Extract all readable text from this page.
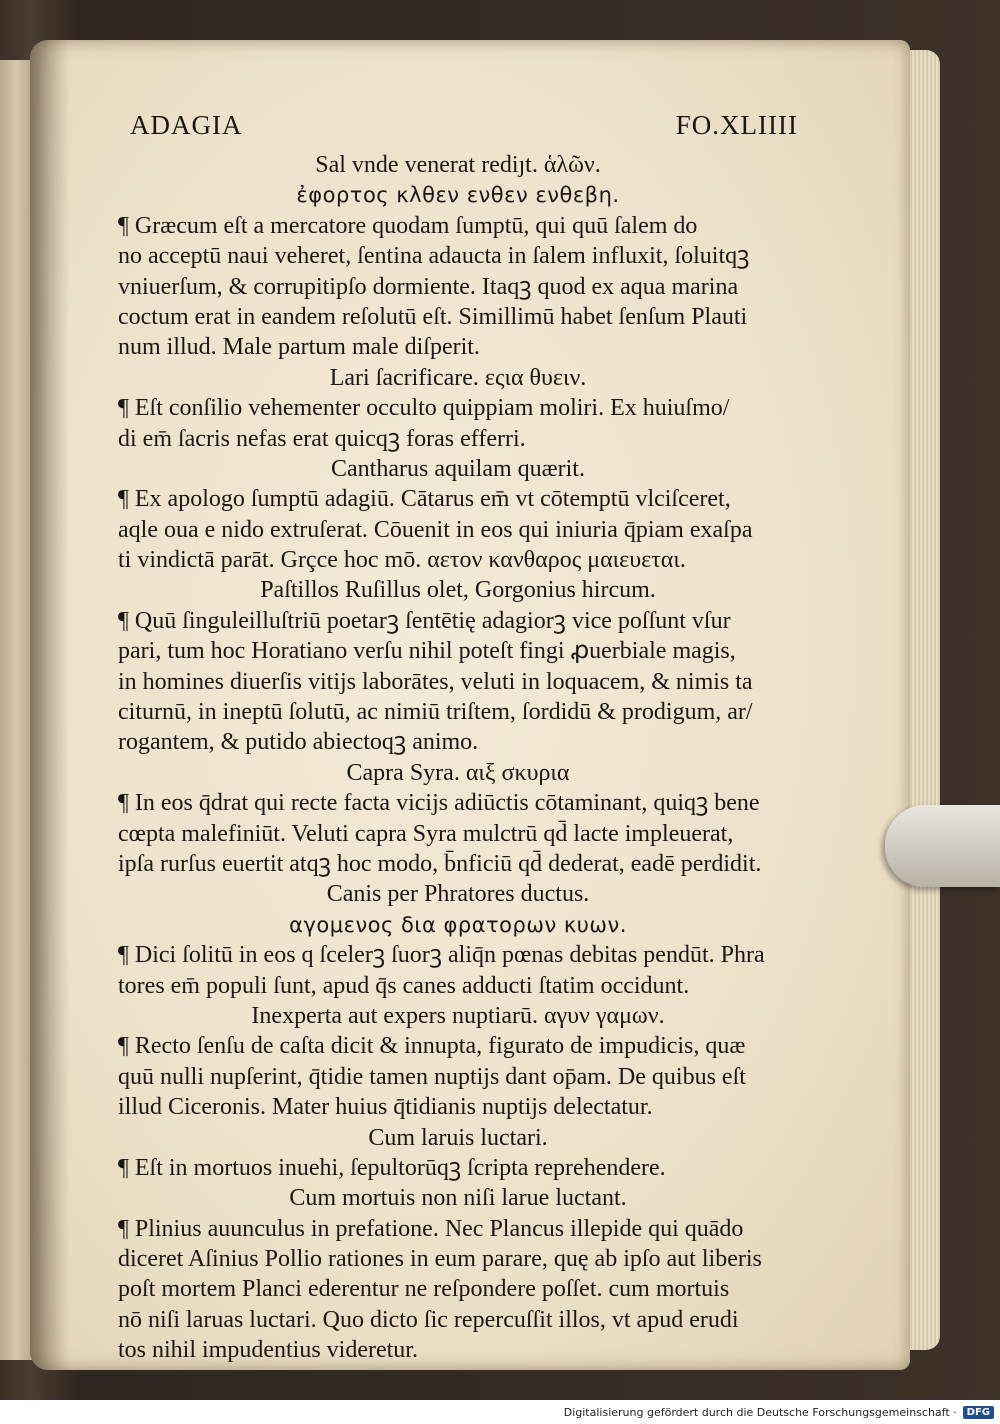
ADAGIA	FO.XLIIII
Sal vnde venerat rediȷt. ἁλῶν.
ἐφορτος κλθεν ενθεν ενθεβη.
¶ Græcum eſt a mercatore quodam ſumptū, qui quū ſalem do
no acceptū naui veheret, ſentina adaucta in ſalem influxit, ſoluitqꝫ
vniuerſum, & corrupitipſo dormiente. Itaqꝫ quod ex aqua marina
coctum erat in eandem reſolutū eſt. Simillimū habet ſenſum Plauti
num illud. Male partum male diſperit.
Lari ſacrificare. εςια θυειν.
¶ Eſt conſilio vehementer occulto quippiam moliri. Ex huiuſmo/
di em̄ ſacris nefas erat quicqꝫ foras efferri.
Cantharus aquilam quærit.
¶ Ex apologo ſumptū adagiū. Cātarus em̄ vt cōtemptū vlciſceret,
aqle oua e nido extruſerat. Cōuenit in eos qui iniuria q̄piam exaſpa
ti vindictā parāt. Grçce hoc mō. αετον κανθαρος μαιευεται.
Paſtillos Ruſillus olet, Gorgonius hircum.
¶ Quū ſinguleilluſtriū poetarꝫ ſentētię adagiorꝫ vice poſſunt vſur
pari, tum hoc Horatiano verſu nihil poteſt fingi ꝓuerbiale magis,
in homines diuerſis vitijs laborātes, veluti in loquacem, & nimis ta
citurnū, in ineptū ſolutū, ac nimiū triſtem, ſordidū & prodigum, ar/
rogantem, & putido abiectoqꝫ animo.
Capra Syra. αιξ σκυρια
¶ In eos q̄drat qui recte facta vicijs adiūctis cōtaminant, quiqꝫ bene
cœpta malefiniūt. Veluti capra Syra mulctrū qd̄ lacte impleuerat,
ipſa rurſus euertit atqꝫ hoc modo, b̄nficiū qd̄ dederat, eadē perdidit.
Canis per Phratores ductus.
αγομενος δια φρατορων κυων.
¶ Dici ſolitū in eos q ſcelerꝫ ſuorꝫ aliq̄n pœnas debitas pendūt. Phra
tores em̄ populi ſunt, apud q̄s canes adducti ſtatim occidunt.
Inexperta aut expers nuptiarū. αγυν γαμων.
¶ Recto ſenſu de caſta dicit & innupta, figurato de impudicis, quæ
quū nulli nupſerint, q̄tidie tamen nuptijs dant op̄am. De quibus eſt
illud Ciceronis. Mater huius q̄tidianis nuptijs delectatur.
Cum laruis luctari.
¶ Eſt in mortuos inuehi, ſepultorūqꝫ ſcripta reprehendere.
Cum mortuis non niſi larue luctant.
¶ Plinius auunculus in prefatione. Nec Plancus illepide qui quādo
diceret Aſinius Pollio rationes in eum parare, quę ab ipſo aut liberis
poſt mortem Planci ederentur ne reſpondere poſſet. cum mortuis
nō niſi laruas luctari. Quo dicto ſic repercuſſit illos, vt apud erudi
tos nihil impudentius videretur.
Digitalisierung gefördert durch die Deutsche Forschungsgemeinschaft ·	DFG
